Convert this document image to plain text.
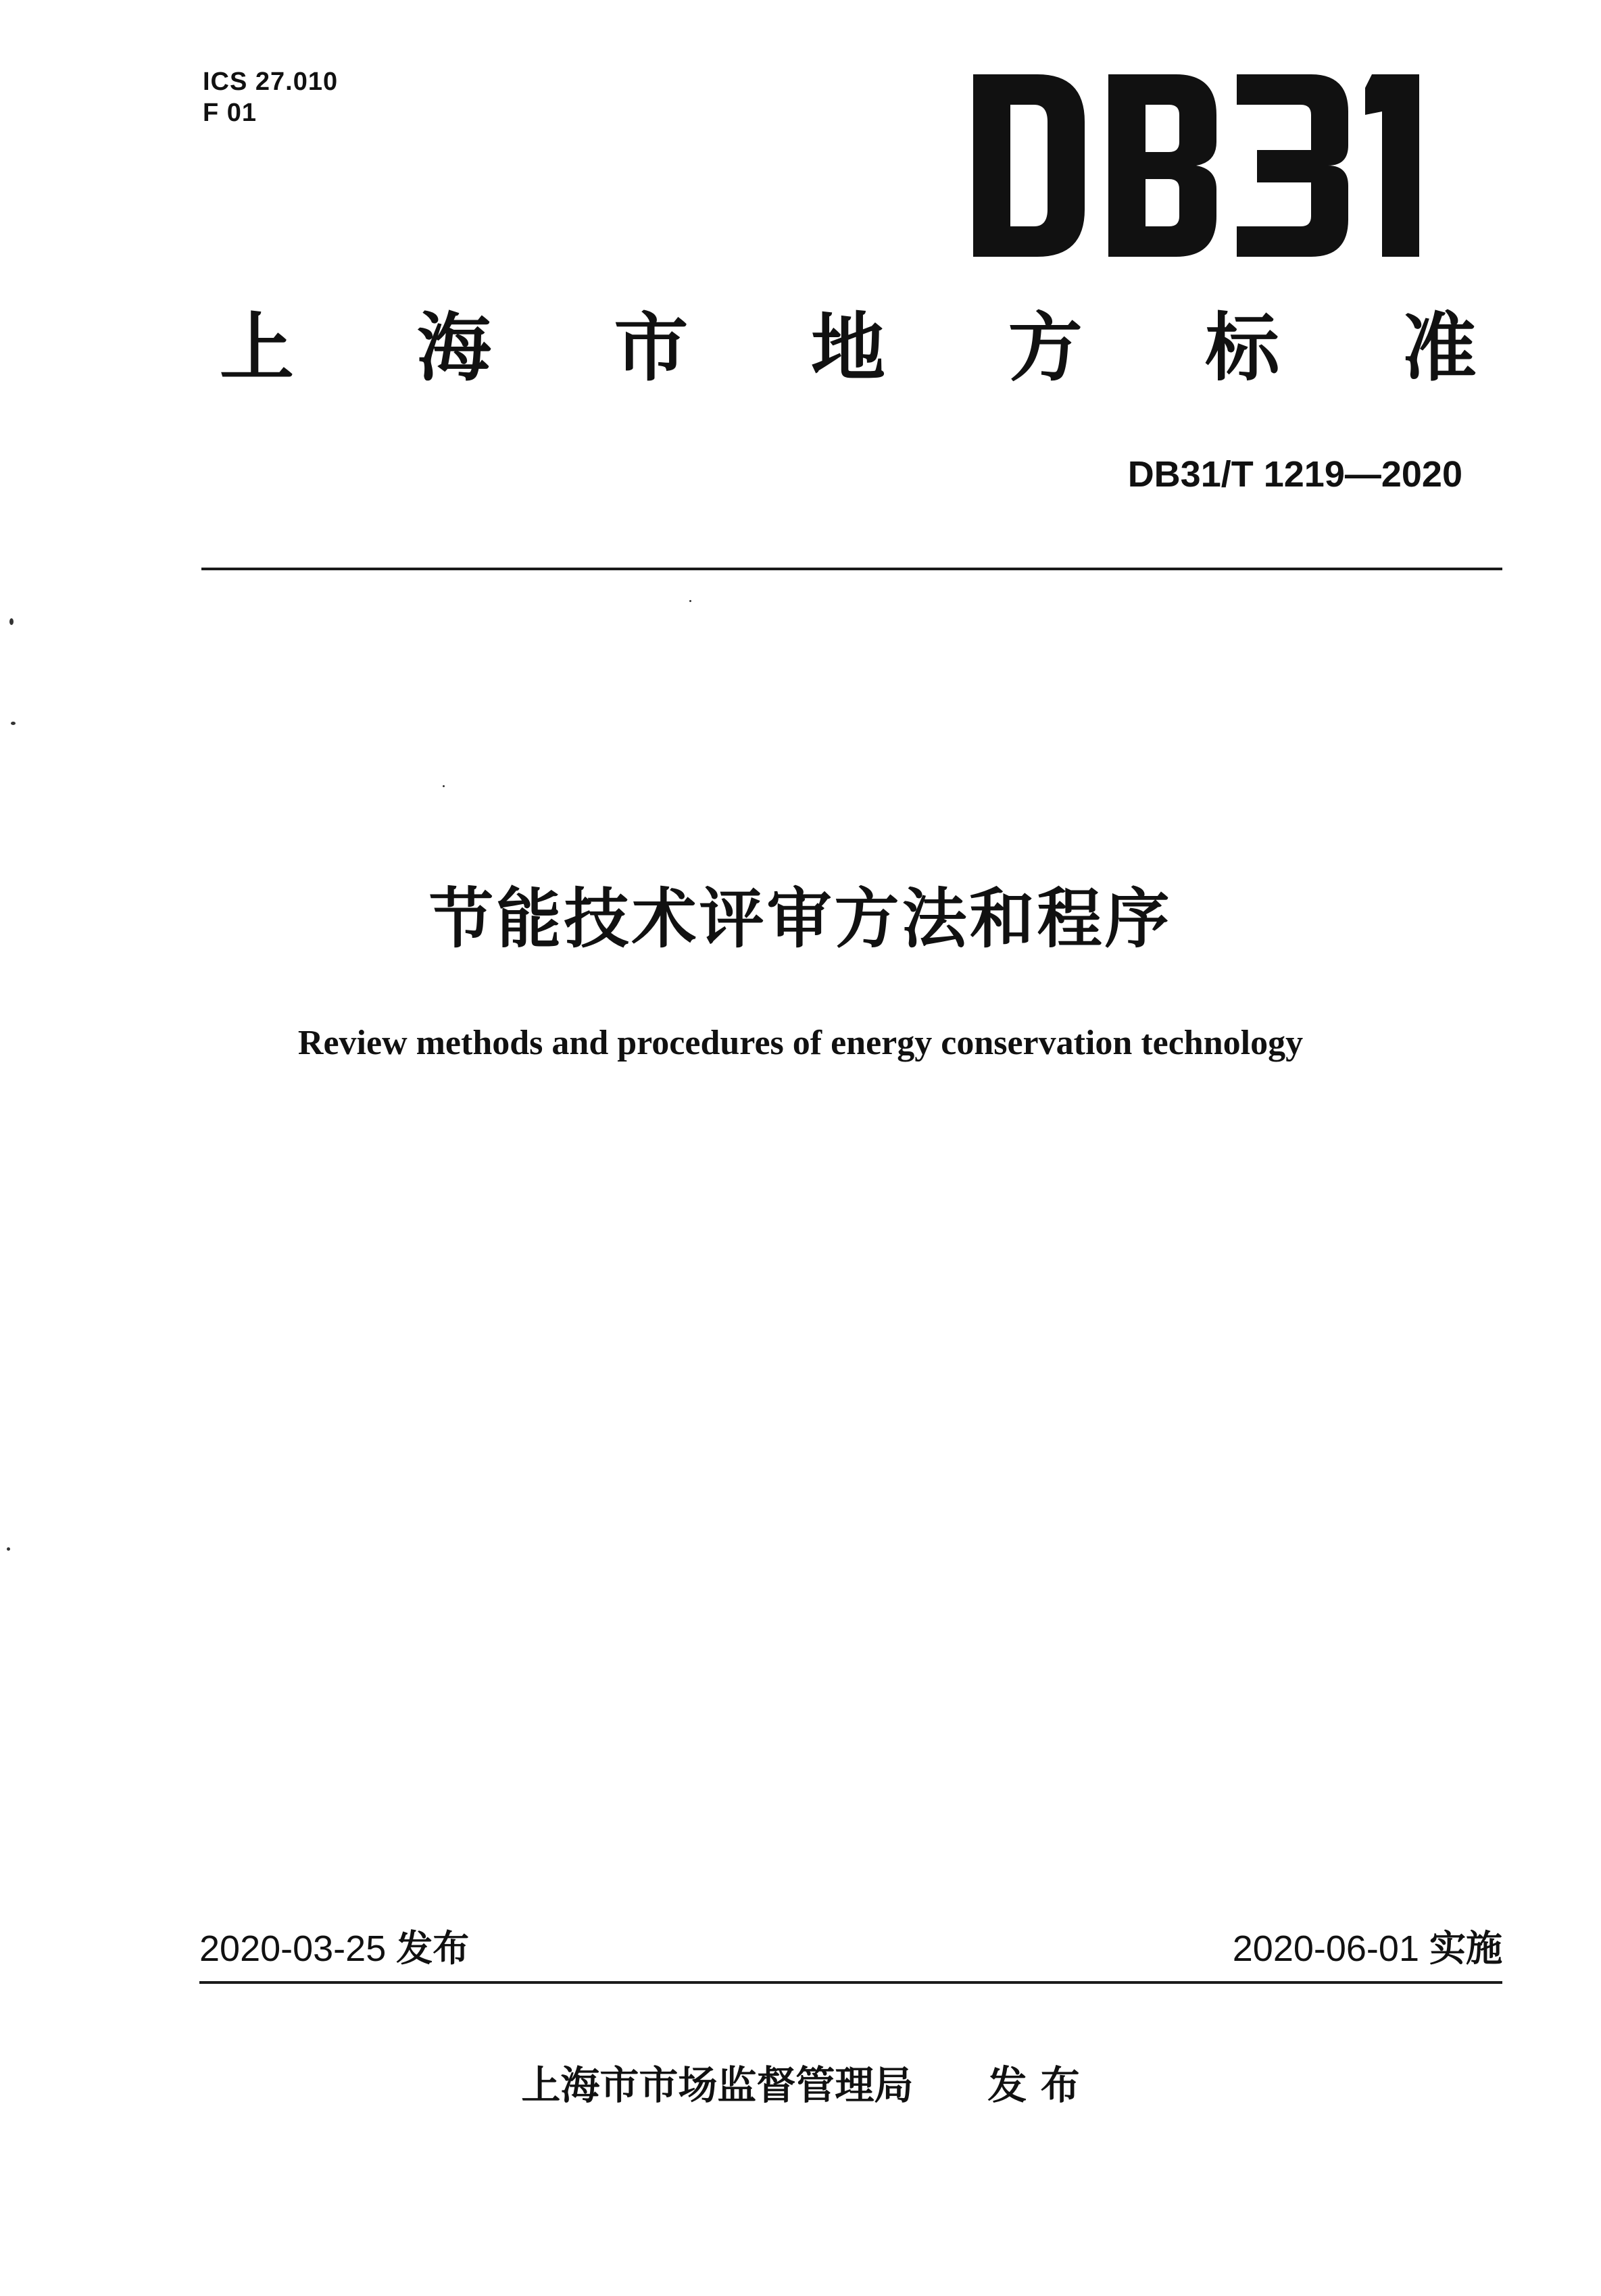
ICS 27.010
F 01
上 海 市 地 方 标 准
DB31/T 1219—2020
节能技术评审方法和程序
Review methods and procedures of energy conservation technology
2020-03-25 发布	2020-06-01 实施
上海市市场监督管理局 发 布
